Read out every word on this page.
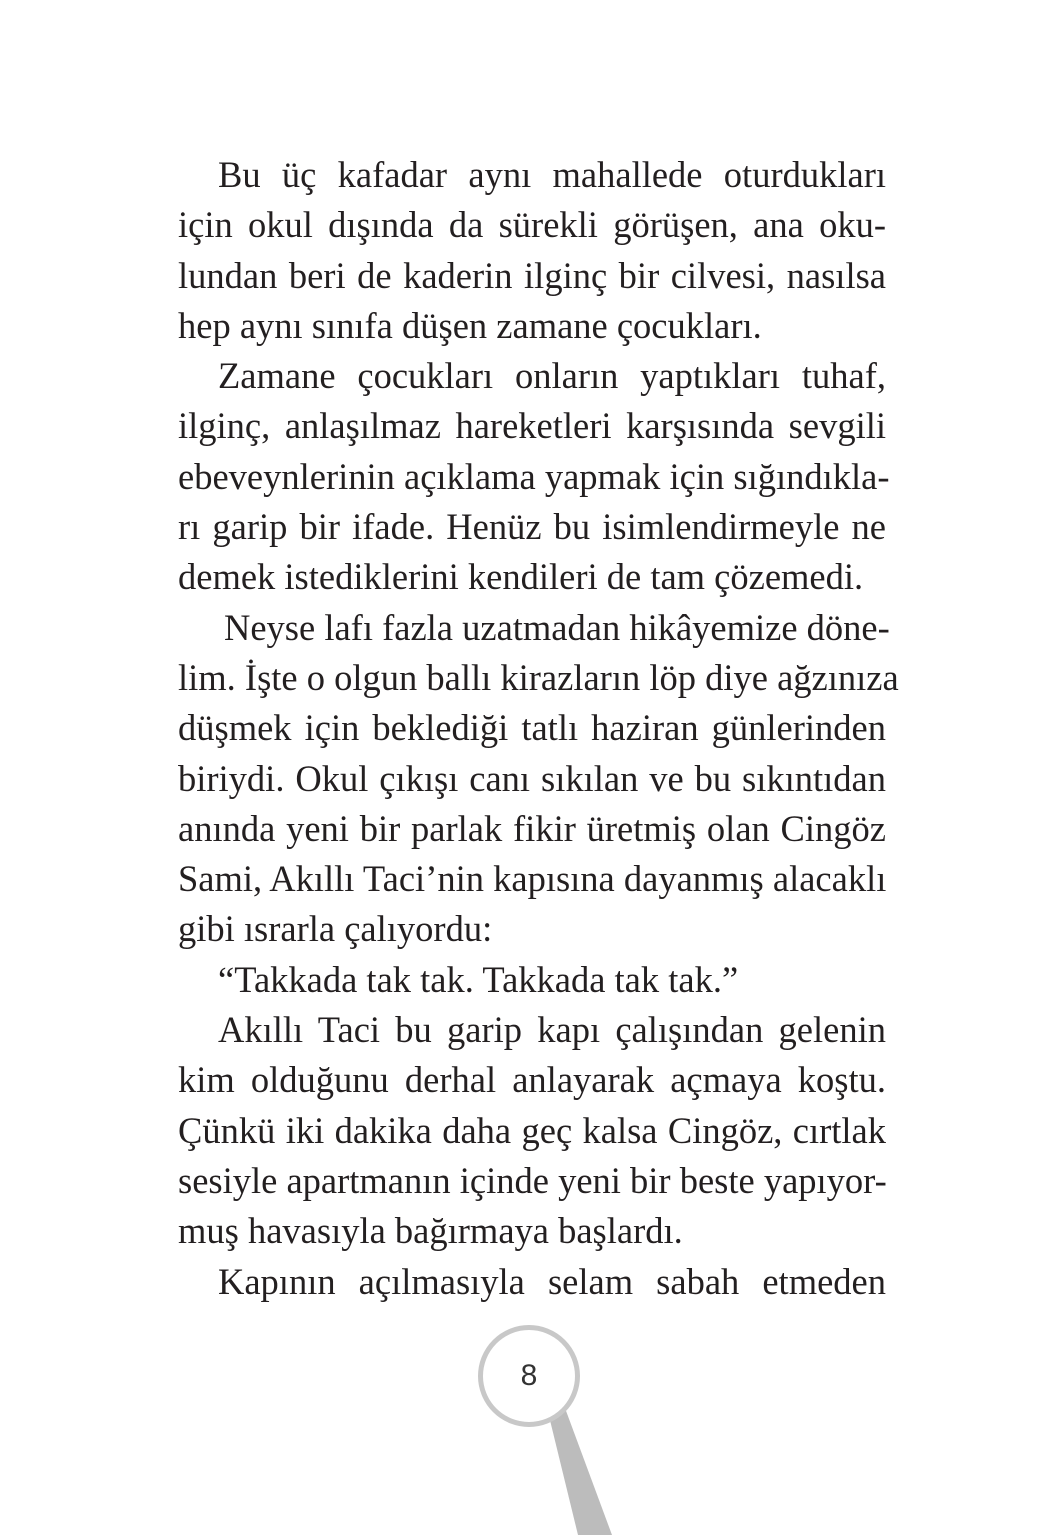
Bu üç kafadar aynı mahallede oturdukları
için okul dışında da sürekli görüşen, ana oku-
lundan beri de kaderin ilginç bir cilvesi, nasılsa
hep aynı sınıfa düşen zamane çocukları.
Zamane çocukları onların yaptıkları tuhaf,
ilginç, anlaşılmaz hareketleri karşısında sevgili
ebeveynlerinin açıklama yapmak için sığındıkla-
rı garip bir ifade. Henüz bu isimlendirmeyle ne
demek istediklerini kendileri de tam çözemedi.
Neyse lafı fazla uzatmadan hikâyemize döne-
lim. İşte o olgun ballı kirazların löp diye ağzınıza
düşmek için beklediği tatlı haziran günlerinden
biriydi. Okul çıkışı canı sıkılan ve bu sıkıntıdan
anında yeni bir parlak fikir üretmiş olan Cingöz
Sami, Akıllı Taci’nin kapısına dayanmış alacaklı
gibi ısrarla çalıyordu:
“Takkada tak tak. Takkada tak tak.”
Akıllı Taci bu garip kapı çalışından gelenin
kim olduğunu derhal anlayarak açmaya koştu.
Çünkü iki dakika daha geç kalsa Cingöz, cırtlak
sesiyle apartmanın içinde yeni bir beste yapıyor-
muş havasıyla bağırmaya başlardı.
Kapının açılmasıyla selam sabah etmeden
8
